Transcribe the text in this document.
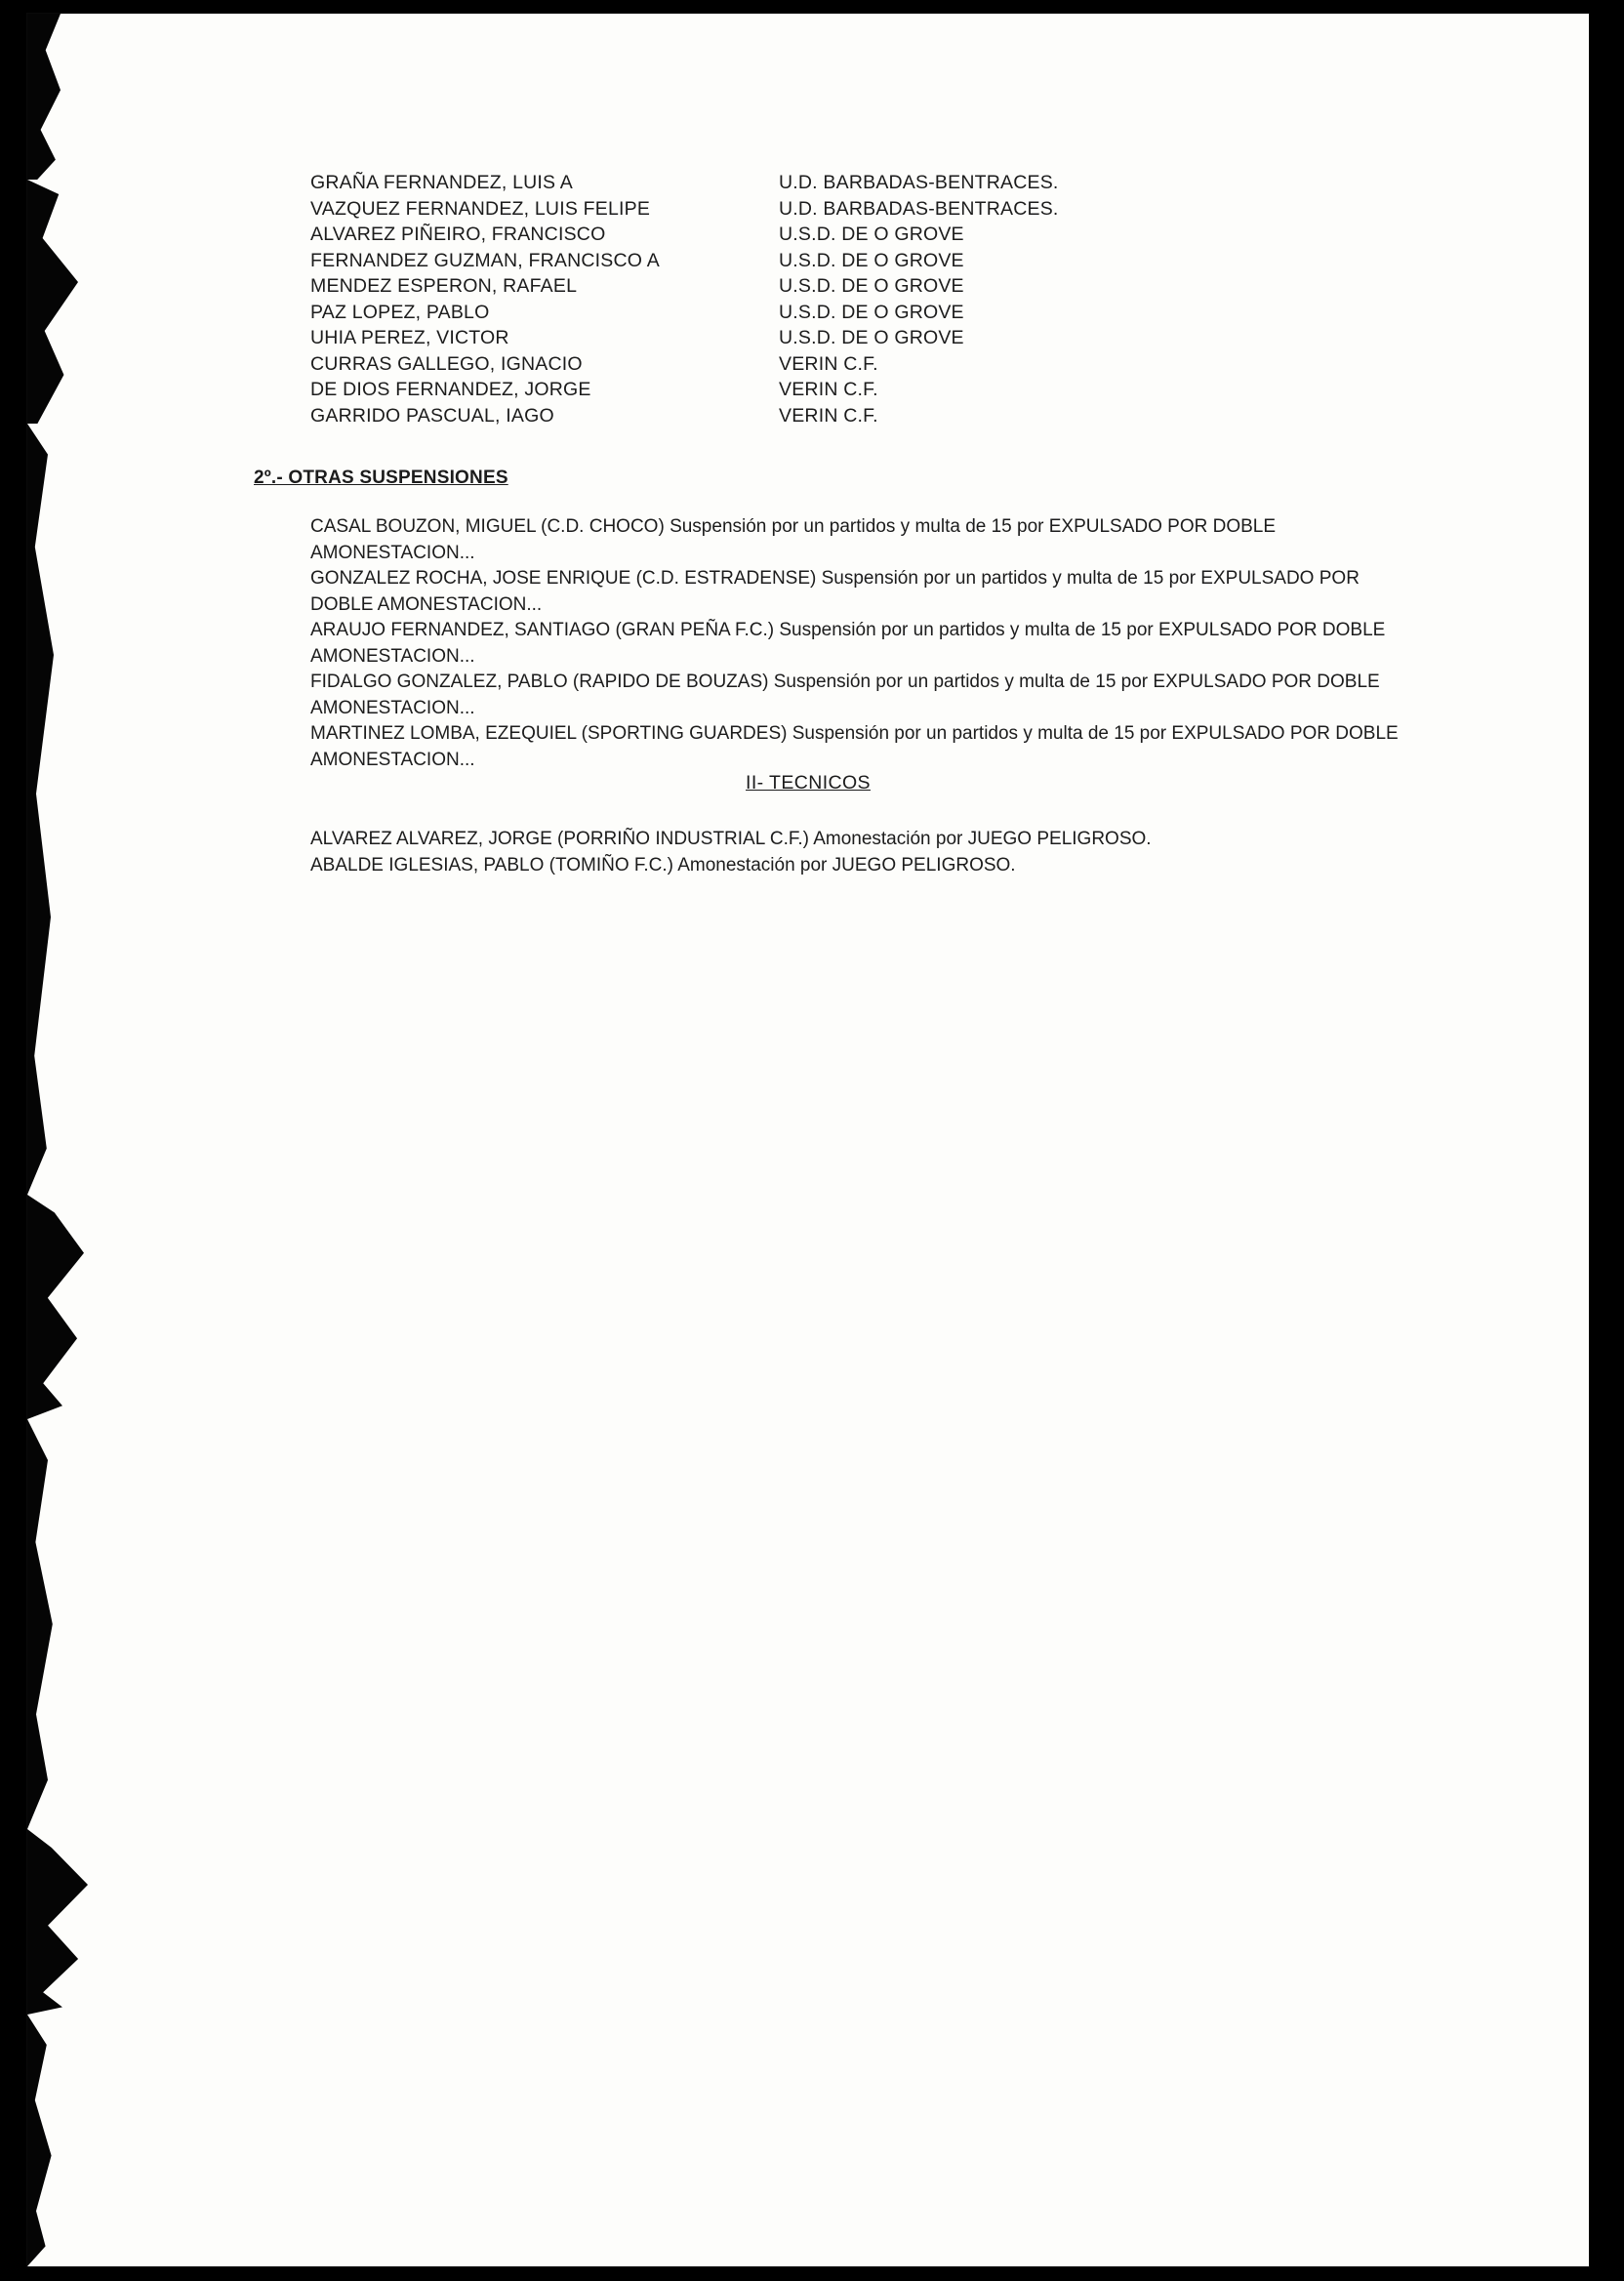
GRAÑA FERNANDEZ, LUIS A	U.D. BARBADAS-BENTRACES.
VAZQUEZ FERNANDEZ, LUIS FELIPE	U.D. BARBADAS-BENTRACES.
ALVAREZ PIÑEIRO, FRANCISCO	U.S.D. DE O GROVE
FERNANDEZ GUZMAN, FRANCISCO A	U.S.D. DE O GROVE
MENDEZ ESPERON, RAFAEL	U.S.D. DE O GROVE
PAZ LOPEZ, PABLO	U.S.D. DE O GROVE
UHIA PEREZ, VICTOR	U.S.D. DE O GROVE
CURRAS GALLEGO, IGNACIO	VERIN C.F.
DE DIOS FERNANDEZ, JORGE	VERIN C.F.
GARRIDO PASCUAL, IAGO	VERIN C.F.
2º.- OTRAS SUSPENSIONES

CASAL BOUZON, MIGUEL (C.D. CHOCO) Suspensión por un partidos y multa de 15 por EXPULSADO POR DOBLE AMONESTACION...

GONZALEZ ROCHA, JOSE ENRIQUE (C.D. ESTRADENSE) Suspensión por un partidos y multa de 15 por EXPULSADO POR DOBLE AMONESTACION...

ARAUJO FERNANDEZ, SANTIAGO (GRAN PEÑA F.C.) Suspensión por un partidos y multa de 15 por EXPULSADO POR DOBLE AMONESTACION...

FIDALGO GONZALEZ, PABLO (RAPIDO DE BOUZAS) Suspensión por un partidos y multa de 15 por EXPULSADO POR DOBLE AMONESTACION...

MARTINEZ LOMBA, EZEQUIEL (SPORTING GUARDES) Suspensión por un partidos y multa de 15 por EXPULSADO POR DOBLE AMONESTACION...

II- TECNICOS

ALVAREZ ALVAREZ, JORGE (PORRIÑO INDUSTRIAL C.F.) Amonestación por JUEGO PELIGROSO.

ABALDE IGLESIAS, PABLO (TOMIÑO F.C.) Amonestación por JUEGO PELIGROSO.
